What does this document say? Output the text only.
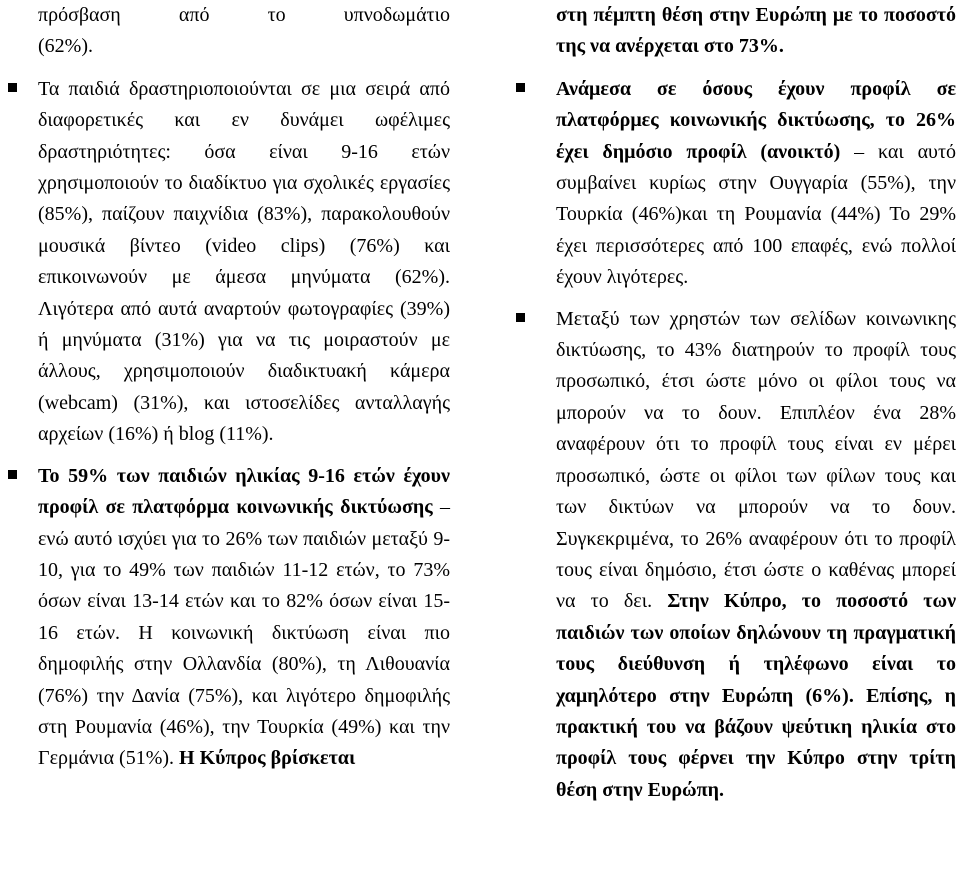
πρόσβαση	από	το	υπνοδωμάτιο
(62%).
Τα παιδιά δραστηριοποιούνται σε μια σειρά από διαφορετικές και εν δυνάμει ωφέλιμες δραστηριότητες: όσα είναι 9-16 ετών χρησιμοποιούν το διαδίκτυο για σχολικές εργασίες (85%), παίζουν παιχνίδια (83%), παρακολουθούν μουσικά βίντεο (video clips) (76%) και επικοινωνούν με άμεσα μηνύματα (62%). Λιγότερα από αυτά αναρτούν φωτογραφίες (39%) ή μηνύματα (31%) για να τις μοιραστούν με άλλους, χρησιμοποιούν διαδικτυακή κάμερα (webcam) (31%), και ιστοσελίδες ανταλλαγής αρχείων (16%) ή blog (11%).
Το 59% των παιδιών ηλικίας 9-16 ετών έχουν προφίλ σε πλατφόρμα κοινωνικής δικτύωσης – ενώ αυτό ισχύει για το 26% των παιδιών μεταξύ 9-10, για το 49% των παιδιών 11-12 ετών, το 73% όσων είναι 13-14 ετών και το 82% όσων είναι 15-16 ετών. Η κοινωνική δικτύωση είναι πιο δημοφιλής στην Ολλανδία (80%), τη Λιθουανία (76%) την Δανία (75%), και λιγότερο δημοφιλής στη Ρουμανία (46%), την Τουρκία (49%) και την Γερμάνια (51%). Η Κύπρος βρίσκεται
στη πέμπτη θέση στην Ευρώπη με το ποσοστό της να ανέρχεται στο 73%.
Ανάμεσα σε όσους έχουν προφίλ σε πλατφόρμες κοινωνικής δικτύωσης, το 26% έχει δημόσιο προφίλ (ανοικτό) – και αυτό συμβαίνει κυρίως στην Ουγγαρία (55%), την Τουρκία (46%)και τη Ρουμανία (44%) Το 29% έχει περισσότερες από 100 επαφές, ενώ πολλοί έχουν λιγότερες.
Μεταξύ των χρηστών των σελίδων κοινωνικης δικτύωσης, το 43% διατηρούν το προφίλ τους προσωπικό, έτσι ώστε μόνο οι φίλοι τους να μπορούν να το δουν. Επιπλέον ένα 28% αναφέρουν ότι το προφίλ τους είναι εν μέρει προσωπικό, ώστε οι φίλοι των φίλων τους και των δικτύων να μπορούν να το δουν. Συγκεκριμένα, το 26% αναφέρουν ότι το προφίλ τους είναι δημόσιο, έτσι ώστε ο καθένας μπορεί να το δει. Στην Κύπρο, το ποσοστό των παιδιών των οποίων δηλώνουν τη πραγματική τους διεύθυνση ή τηλέφωνο είναι το χαμηλότερο στην Ευρώπη (6%). Επίσης, η πρακτική του να βάζουν ψεύτικη ηλικία στο προφίλ τους φέρνει την Κύπρο στην τρίτη θέση στην Ευρώπη.
